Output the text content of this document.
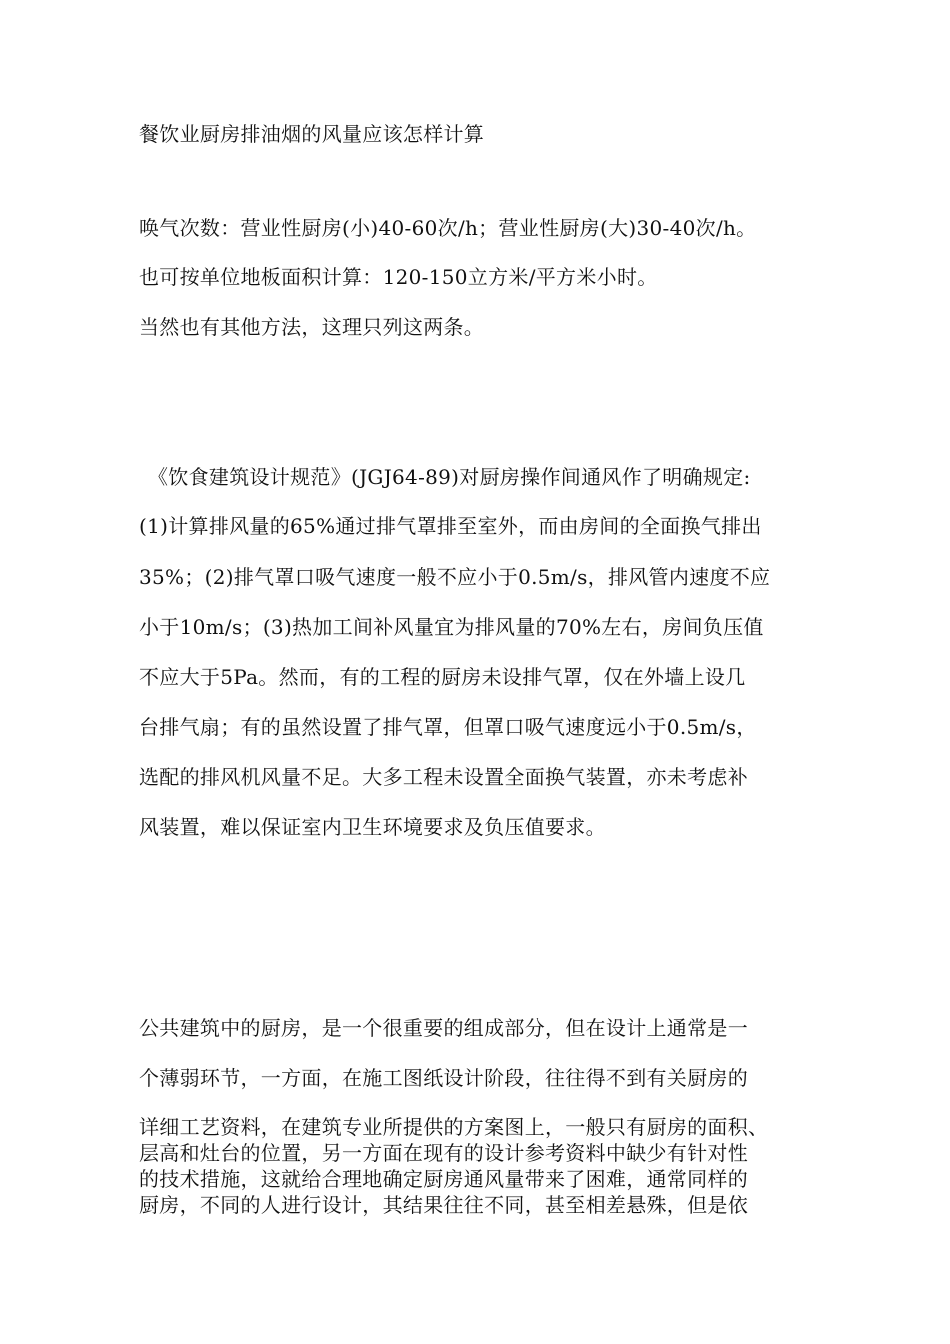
餐饮业厨房排油烟的风量应该怎样计算
唤气次数：营业性厨房(小)40-60次/h；营业性厨房(大)30-40次/h。
也可按单位地板面积计算：120-150立方米/平方米小时。
当然也有其他方法，这理只列这两条。
《饮食建筑设计规范》(JGJ64-89)对厨房操作间通风作了明确规定:
(1)计算排风量的65%通过排气罩排至室外，而由房间的全面换气排出
35%；(2)排气罩口吸气速度一般不应小于0.5m/s，排风管内速度不应
小于10m/s；(3)热加工间补风量宜为排风量的70%左右，房间负压值
不应大于5Pa。然而，有的工程的厨房未设排气罩，仅在外墙上设几
台排气扇；有的虽然设置了排气罩，但罩口吸气速度远小于0.5m/s，
选配的排风机风量不足。大多工程未设置全面换气装置，亦未考虑补
风装置，难以保证室内卫生环境要求及负压值要求。
公共建筑中的厨房，是一个很重要的组成部分，但在设计上通常是一
个薄弱环节，一方面，在施工图纸设计阶段，往往得不到有关厨房的
详细工艺资料，在建筑专业所提供的方案图上，一般只有厨房的面积、
层高和灶台的位置，另一方面在现有的设计参考资料中缺少有针对性
的技术措施，这就给合理地确定厨房通风量带来了困难，通常同样的
厨房，不同的人进行设计，其结果往往不同，甚至相差悬殊，但是依
